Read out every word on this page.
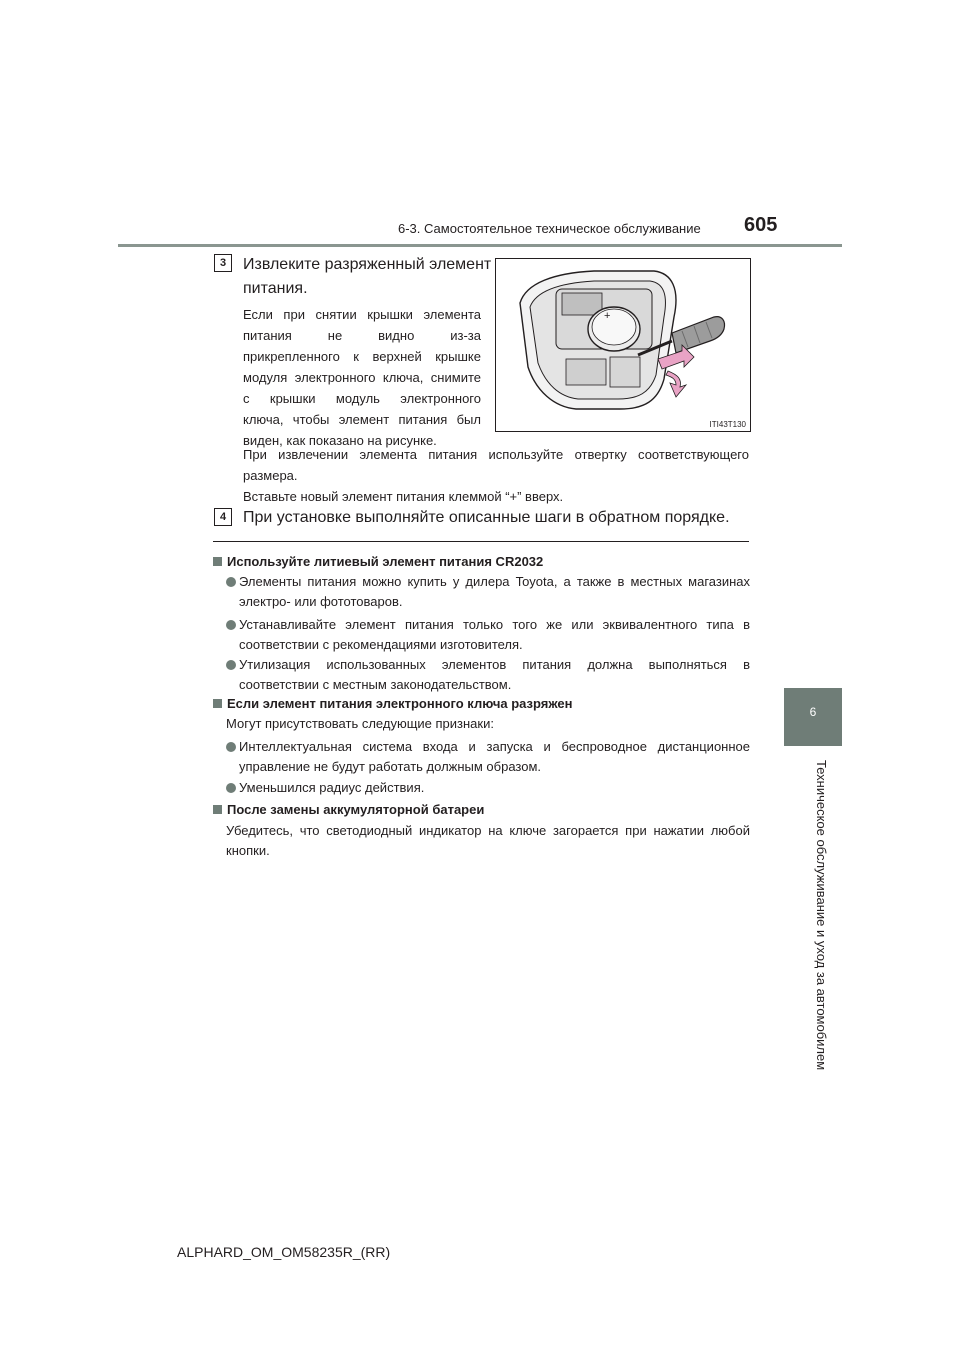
6-3. Самостоятельное техническое обслуживание 605
6
Техническое обслуживание и уход за автомобилем
3	Извлеките разряженный элемент
питания.
Если при снятии крышки элемента
питания не видно из-за
прикрепленного к верхней крышке
модуля электронного ключа, снимите
с крышки модуль электронного
ключа, чтобы элемент питания был
виден, как показано на рисунке.
+
ITI43T130
При извлечении элемента питания используйте отвертку соответствующего
размера.
Вставьте новый элемент питания клеммой “+” вверх.
4	При установке выполняйте описанные шаги в обратном порядке.
Используйте литиевый элемент питания CR2032
Элементы питания можно купить у дилера Toyota, а также в местных магазинах
электро- или фототоваров.
Устанавливайте элемент питания только того же или эквивалентного типа в
соответствии с рекомендациями изготовителя.
Утилизация использованных элементов питания должна выполняться в
соответствии с местным законодательством.
Если элемент питания электронного ключа разряжен
Могут присутствовать следующие признаки:
Интеллектуальная система входа и запуска и беспроводное дистанционное
управление не будут работать должным образом.
Уменьшился радиус действия.
После замены аккумуляторной батареи
Убедитесь, что светодиодный индикатор на ключе загорается при нажатии любой
кнопки.
ALPHARD_OM_OM58235R_(RR)
